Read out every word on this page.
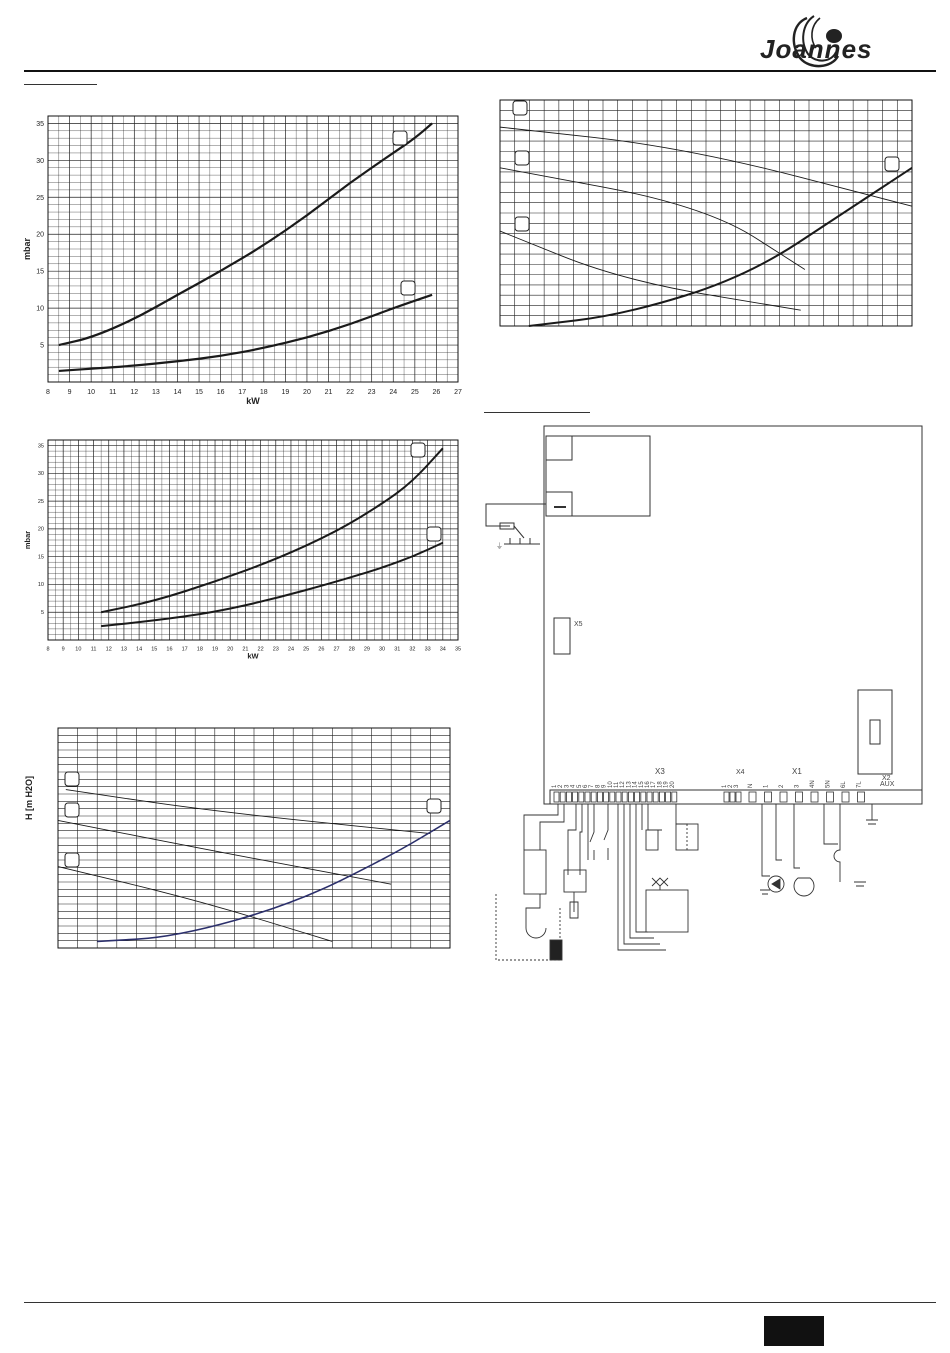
Joannes
8	9 10 11 12 13 14 15 16 17 18 19 20 21 22 23 24 25 26 27
5
10
15
20
25
30
35
kW
mbar
8 9 10 11 12 13 14 15 16 17 18 19 20 21 22 23 24 25 26 27 28 29 30 31 32 33 34 35
5
10
15
20
25
30
35
kW
mbar
H [m H2O]
⏚
X5
X3	X4	X1
X2
AUX
1 2 3 4 5 6 7 8 9 10 11 12 13 14 15 16 17 18 19 20	1 2 3 N 1 2 3 4N 5N 6L 7L
